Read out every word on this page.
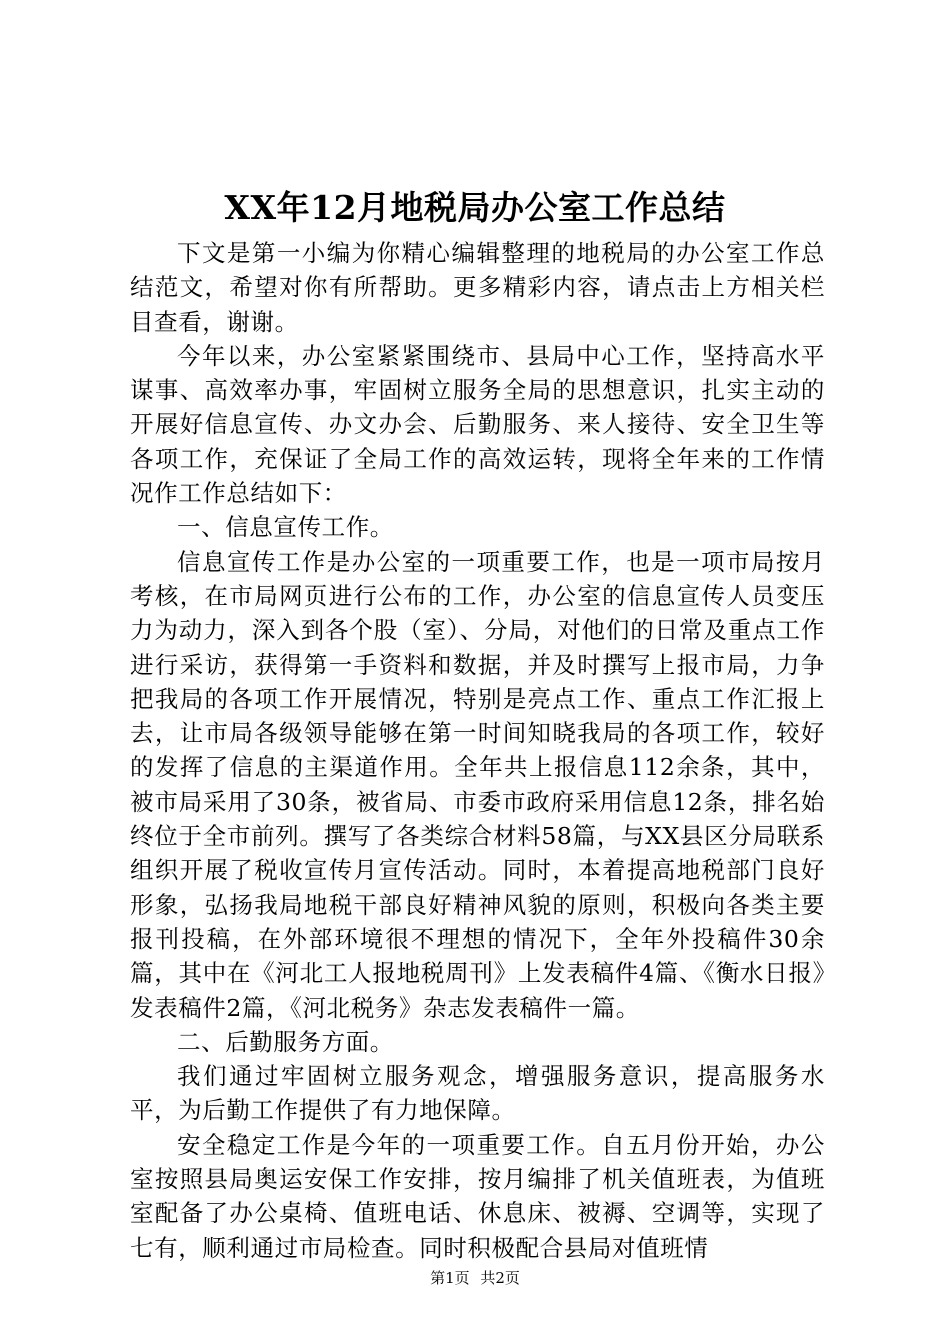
XX年12月地税局办公室工作总结

下文是第一小编为你精心编辑整理的地税局的办公室工作总结范文，希望对你有所帮助。更多精彩内容，请点击上方相关栏目查看，谢谢。

今年以来，办公室紧紧围绕市、县局中心工作，坚持高水平谋事、高效率办事，牢固树立服务全局的思想意识，扎实主动的开展好信息宣传、办文办会、后勤服务、来人接待、安全卫生等各项工作，充保证了全局工作的高效运转，现将全年来的工作情况作工作总结如下：

一、信息宣传工作。

信息宣传工作是办公室的一项重要工作，也是一项市局按月考核，在市局网页进行公布的工作，办公室的信息宣传人员变压力为动力，深入到各个股（室）、分局，对他们的日常及重点工作进行采访，获得第一手资料和数据，并及时撰写上报市局，力争把我局的各项工作开展情况，特别是亮点工作、重点工作汇报上去，让市局各级领导能够在第一时间知晓我局的各项工作，较好的发挥了信息的主渠道作用。全年共上报信息112余条，其中，被市局采用了30条，被省局、市委市政府采用信息12条，排名始终位于全市前列。撰写了各类综合材料58篇，与XX县区分局联系组织开展了税收宣传月宣传活动。同时，本着提高地税部门良好形象，弘扬我局地税干部良好精神风貌的原则，积极向各类主要报刊投稿，在外部环境很不理想的情况下，全年外投稿件30余篇，其中在《河北工人报地税周刊》上发表稿件4篇、《衡水日报》发表稿件2篇，《河北税务》杂志发表稿件一篇。

二、后勤服务方面。

我们通过牢固树立服务观念，增强服务意识，提高服务水平，为后勤工作提供了有力地保障。

安全稳定工作是今年的一项重要工作。自五月份开始，办公室按照县局奥运安保工作安排，按月编排了机关值班表，为值班室配备了办公桌椅、值班电话、休息床、被褥、空调等，实现了七有，顺利通过市局检查。同时积极配合县局对值班情

第1页 共2页
